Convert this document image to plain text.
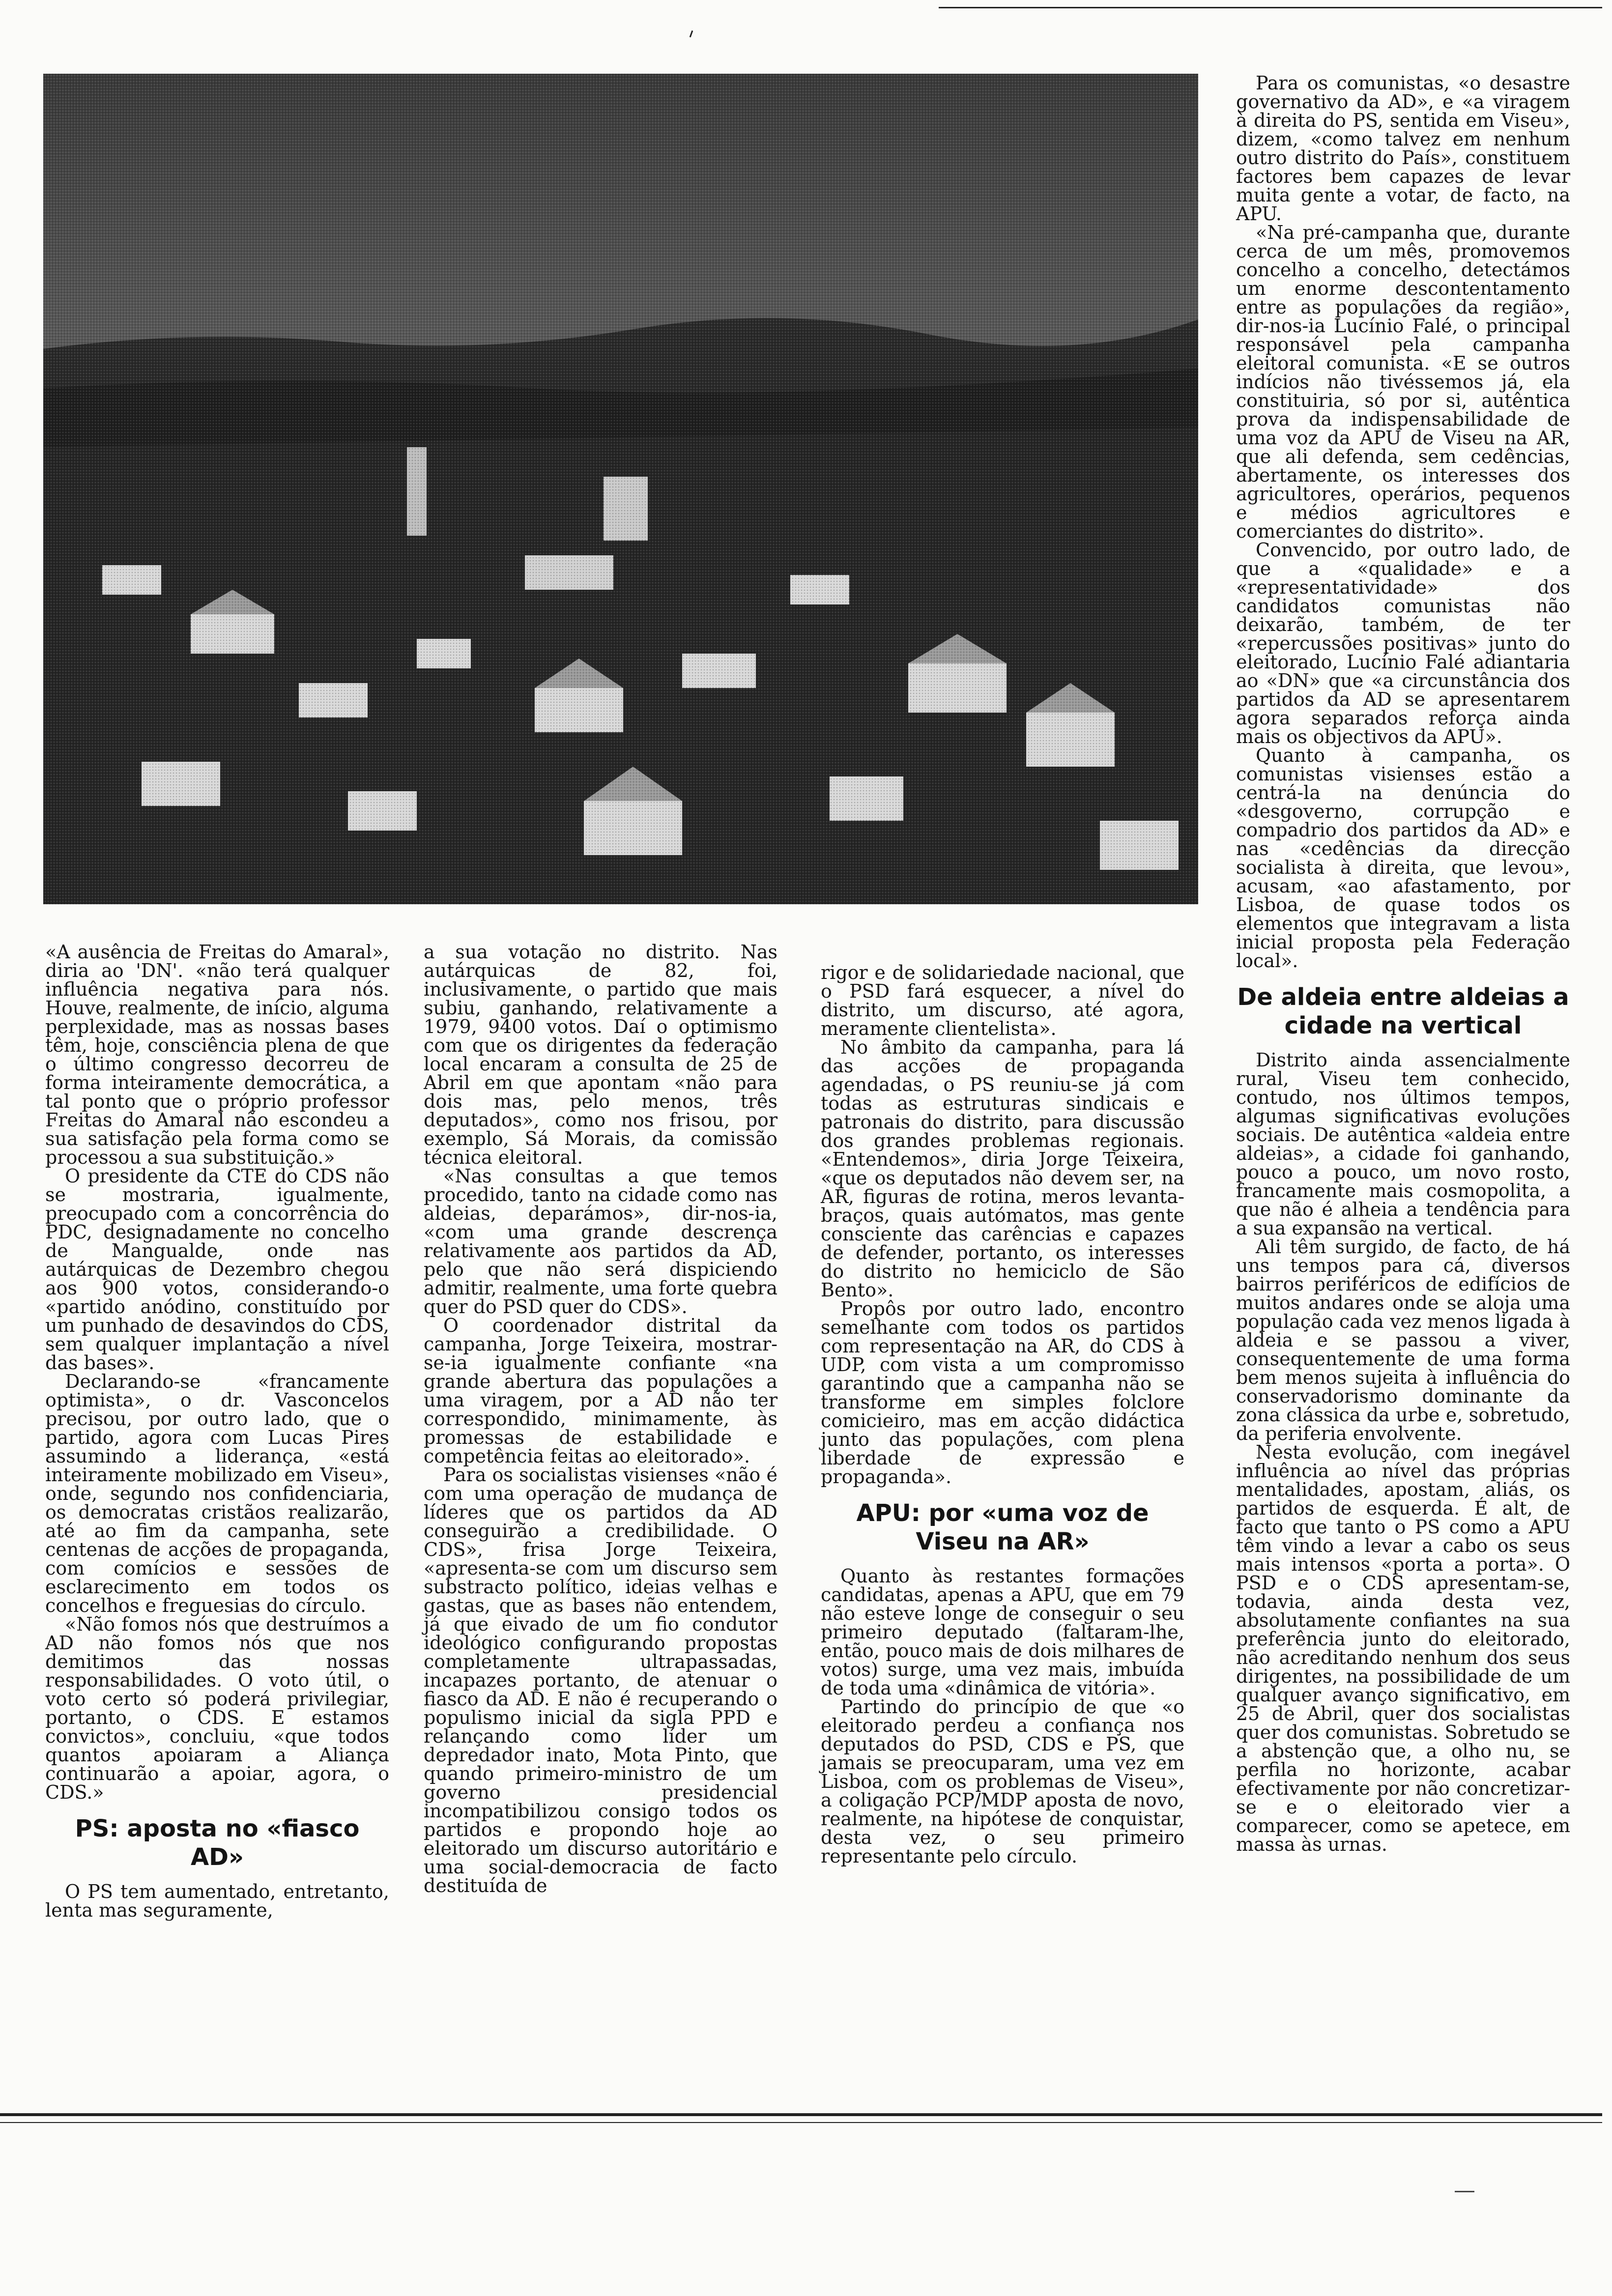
«A ausência de Freitas do Amaral», diria ao 'DN'. «não terá qualquer influência negativa para nós. Houve, realmente, de início, alguma perplexidade, mas as nossas bases têm, hoje, consciência plena de que o último congresso decorreu de forma inteiramente democrática, a tal ponto que o próprio professor Freitas do Amaral não escondeu a sua satisfação pela forma como se processou a sua substituição.»

O presidente da CTE do CDS não se mostraria, igualmente, preocupado com a concorrência do PDC, designadamente no concelho de Mangualde, onde nas autárquicas de Dezembro chegou aos 900 votos, considerando-o «partido anódino, constituído por um punhado de desavindos do CDS, sem qualquer implantação a nível das bases».

Declarando-se «francamente optimista», o dr. Vasconcelos precisou, por outro lado, que o partido, agora com Lucas Pires assumindo a liderança, «está inteiramente mobilizado em Viseu», onde, segundo nos confidenciaria, os democratas cristãos realizarão, até ao fim da campanha, sete centenas de acções de propaganda, com comícios e sessões de esclarecimento em todos os concelhos e freguesias do círculo.

«Não fomos nós que destruímos a AD não fomos nós que nos demitimos das nossas responsabilidades. O voto útil, o voto certo só poderá privilegiar, portanto, o CDS. E estamos convictos», concluiu, «que todos quantos apoiaram a Aliança continuarão a apoiar, agora, o CDS.»

PS: aposta no «fiasco AD»

O PS tem aumentado, entretanto, lenta mas seguramente,

a sua votação no distrito. Nas autárquicas de 82, foi, inclusivamente, o partido que mais subiu, ganhando, relativamente a 1979, 9400 votos. Daí o optimismo com que os dirigentes da federação local encaram a consulta de 25 de Abril em que apontam «não para dois mas, pelo menos, três deputados», como nos frisou, por exemplo, Sá Morais, da comissão técnica eleitoral.

«Nas consultas a que temos procedido, tanto na cidade como nas aldeias, deparámos», dir-nos-ia, «com uma grande descrença relativamente aos partidos da AD, pelo que não será dispiciendo admitir, realmente, uma forte quebra quer do PSD quer do CDS».

O coordenador distrital da campanha, Jorge Teixeira, mostrar-se-ia igualmente confiante «na grande abertura das populações a uma viragem, por a AD não ter correspondido, minimamente, às promessas de estabilidade e competência feitas ao eleitorado».

Para os socialistas visienses «não é com uma operação de mudança de líderes que os partidos da AD conseguirão a credibilidade. O CDS», frisa Jorge Teixeira, «apresenta-se com um discurso sem substracto político, ideias velhas e gastas, que as bases não entendem, já que eivado de um fio condutor ideológico configurando propostas completamente ultrapassadas, incapazes portanto, de atenuar o fiasco da AD. E não é recuperando o populismo inicial da sigla PPD e relançando como líder um depredador inato, Mota Pinto, que quando primeiro-ministro de um governo presidencial incompatibilizou consigo todos os partidos e propondo hoje ao eleitorado um discurso autoritário e uma social-democracia de facto destituída de

rigor e de solidariedade nacional, que o PSD fará esquecer, a nível do distrito, um discurso, até agora, meramente clientelista».

No âmbito da campanha, para lá das acções de propaganda agendadas, o PS reuniu-se já com todas as estruturas sindicais e patronais do distrito, para discussão dos grandes problemas regionais. «Entendemos», diria Jorge Teixeira, «que os deputados não devem ser, na AR, figuras de rotina, meros levanta-braços, quais autómatos, mas gente consciente das carências e capazes de defender, portanto, os interesses do distrito no hemiciclo de São Bento».

Propôs por outro lado, encontro semelhante com todos os partidos com representação na AR, do CDS à UDP, com vista a um compromisso garantindo que a campanha não se transforme em simples folclore comicieiro, mas em acção didáctica junto das populações, com plena liberdade de expressão e propaganda».

APU: por «uma voz de Viseu na AR»

Quanto às restantes formações candidatas, apenas a APU, que em 79 não esteve longe de conseguir o seu primeiro deputado (faltaram-lhe, então, pouco mais de dois milhares de votos) surge, uma vez mais, imbuída de toda uma «dinâmica de vitória».

Partindo do princípio de que «o eleitorado perdeu a confiança nos deputados do PSD, CDS e PS, que jamais se preocuparam, uma vez em Lisboa, com os problemas de Viseu», a coligação PCP/MDP aposta de novo, realmente, na hipótese de conquistar, desta vez, o seu primeiro representante pelo círculo.

Para os comunistas, «o desastre governativo da AD», e «a viragem à direita do PS, sentida em Viseu», dizem, «como talvez em nenhum outro distrito do País», constituem factores bem capazes de levar muita gente a votar, de facto, na APU.

«Na pré-campanha que, durante cerca de um mês, promovemos concelho a concelho, detectámos um enorme descontentamento entre as populações da região», dir-nos-ia Lucínio Falé, o principal responsável pela campanha eleitoral comunista. «E se outros indícios não tivéssemos já, ela constituiria, só por si, autêntica prova da indispensabilidade de uma voz da APU de Viseu na AR, que ali defenda, sem cedências, abertamente, os interesses dos agricultores, operários, pequenos e médios agricultores e comerciantes do distrito».

Convencido, por outro lado, de que a «qualidade» e a «representatividade» dos candidatos comunistas não deixarão, também, de ter «repercussões positivas» junto do eleitorado, Lucínio Falé adiantaria ao «DN» que «a circunstância dos partidos da AD se apresentarem agora separados reforça ainda mais os objectivos da APU».

Quanto à campanha, os comunistas visienses estão a centrá-la na denúncia do «desgoverno, corrupção e compadrio dos partidos da AD» e nas «cedências da direcção socialista à direita, que levou», acusam, «ao afastamento, por Lisboa, de quase todos os elementos que integravam a lista inicial proposta pela Federação local».

De aldeia entre aldeias a cidade na vertical

Distrito ainda assencialmente rural, Viseu tem conhecido, contudo, nos últimos tempos, algumas significativas evoluções sociais. De autêntica «aldeia entre aldeias», a cidade foi ganhando, pouco a pouco, um novo rosto, francamente mais cosmopolita, a que não é alheia a tendência para a sua expansão na vertical.

Ali têm surgido, de facto, de há uns tempos para cá, diversos bairros periféricos de edifícios de muitos andares onde se aloja uma população cada vez menos ligada à aldeia e se passou a viver, consequentemente de uma forma bem menos sujeita à influência do conservadorismo dominante da zona clássica da urbe e, sobretudo, da periferia envolvente.

Nesta evolução, com inegável influência ao nível das próprias mentalidades, apostam, aliás, os partidos de esquerda. É alt, de facto que tanto o PS como a APU têm vindo a levar a cabo os seus mais intensos «porta a porta». O PSD e o CDS apresentam-se, todavia, ainda desta vez, absolutamente confiantes na sua preferência junto do eleitorado, não acreditando nenhum dos seus dirigentes, na possibilidade de um qualquer avanço significativo, em 25 de Abril, quer dos socialistas quer dos comunistas. Sobretudo se a abstenção que, a olho nu, se perfila no horizonte, acabar efectivamente por não concretizar-se e o eleitorado vier a comparecer, como se apetece, em massa às urnas.
